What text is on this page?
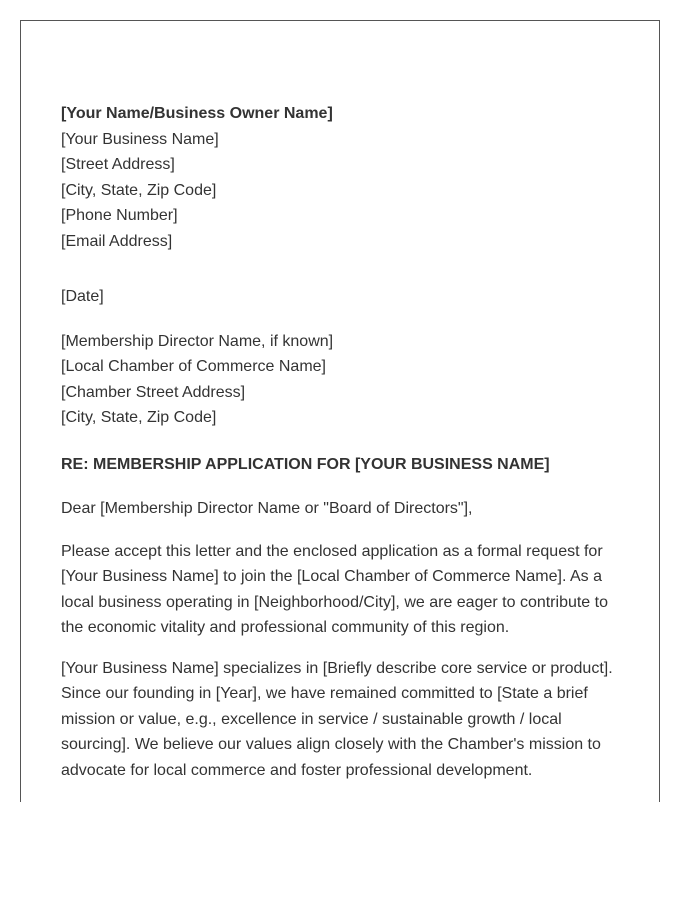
[Your Name/Business Owner Name]
[Your Business Name]
[Street Address]
[City, State, Zip Code]
[Phone Number]
[Email Address]
[Date]
[Membership Director Name, if known]
[Local Chamber of Commerce Name]
[Chamber Street Address]
[City, State, Zip Code]
RE: MEMBERSHIP APPLICATION FOR [YOUR BUSINESS NAME]
Dear [Membership Director Name or "Board of Directors"],

Please accept this letter and the enclosed application as a formal request for [Your Business Name] to join the [Local Chamber of Commerce Name]. As a local business operating in [Neighborhood/City], we are eager to contribute to the economic vitality and professional community of this region.

[Your Business Name] specializes in [Briefly describe core service or product]. Since our founding in [Year], we have remained committed to [State a brief mission or value, e.g., excellence in service / sustainable growth / local sourcing]. We believe our values align closely with the Chamber's mission to advocate for local commerce and foster professional development.
